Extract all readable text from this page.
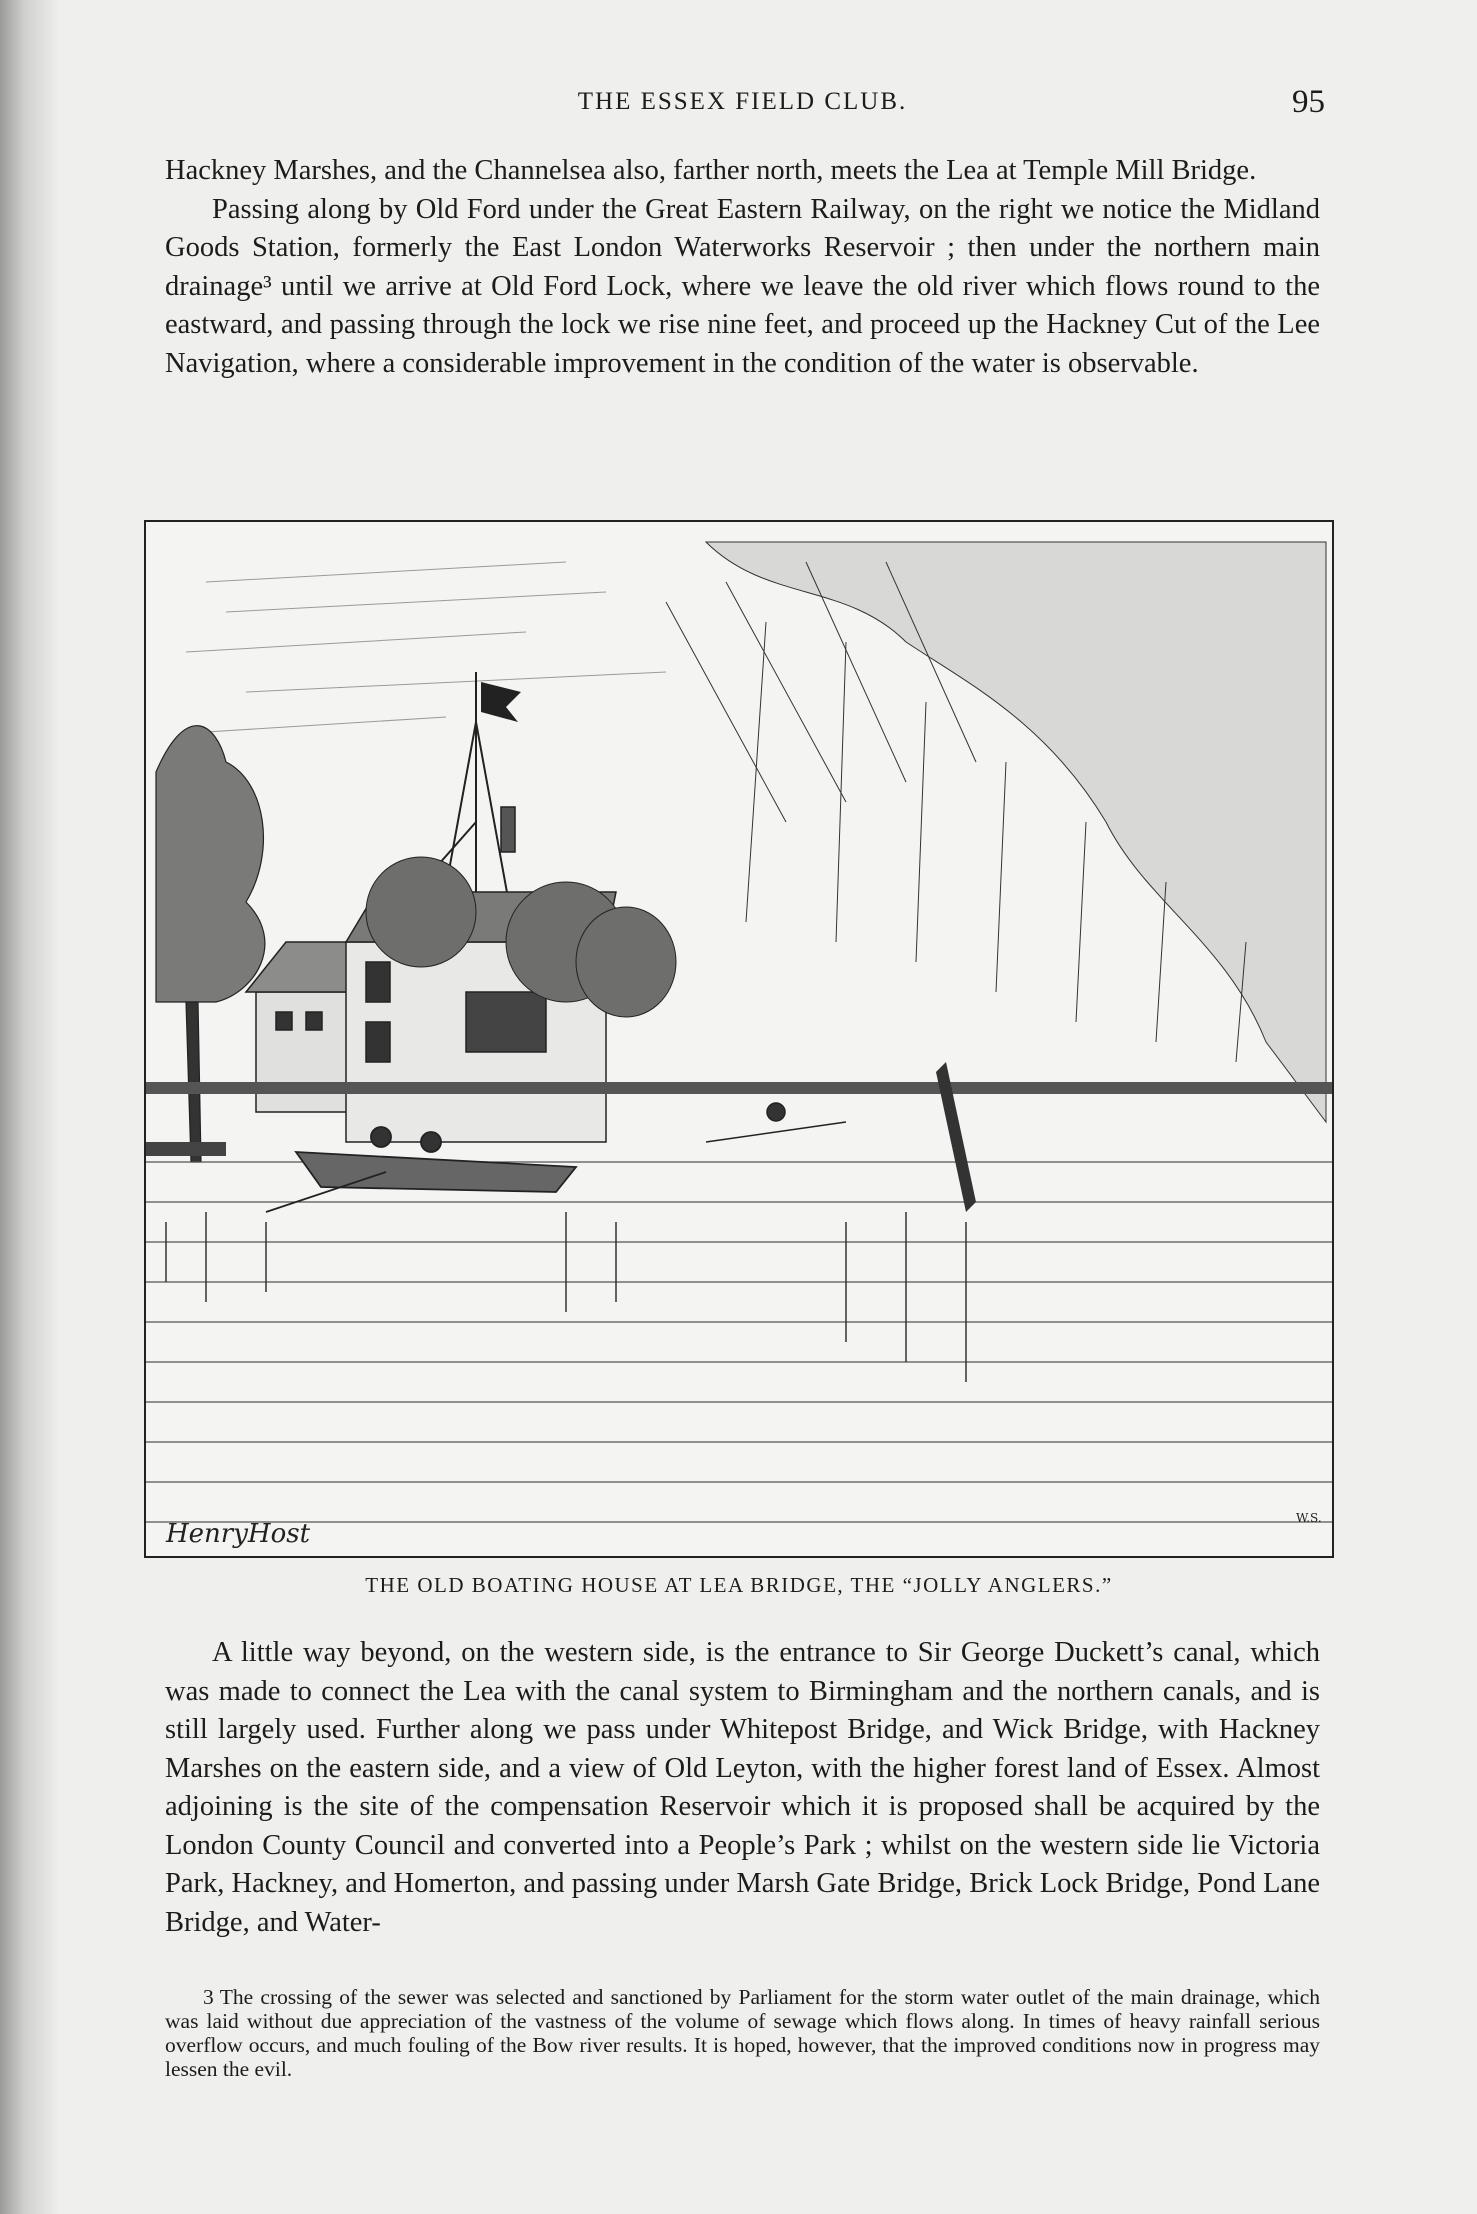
THE ESSEX FIELD CLUB.	95

Hackney Marshes, and the Channelsea also, farther north, meets the Lea at Temple Mill Bridge.

Passing along by Old Ford under the Great Eastern Railway, on the right we notice the Midland Goods Station, formerly the East London Waterworks Reservoir ; then under the northern main drainage³ until we arrive at Old Ford Lock, where we leave the old river which flows round to the eastward, and passing through the lock we rise nine feet, and proceed up the Hackney Cut of the Lee Navigation, where a considerable improvement in the condition of the water is observable.

HenryHost
W.S.
THE OLD BOATING HOUSE AT LEA BRIDGE, THE “JOLLY ANGLERS.”

A little way beyond, on the western side, is the entrance to Sir George Duckett’s canal, which was made to connect the Lea with the canal system to Birmingham and the northern canals, and is still largely used. Further along we pass under Whitepost Bridge, and Wick Bridge, with Hackney Marshes on the eastern side, and a view of Old Leyton, with the higher forest land of Essex. Almost adjoining is the site of the compensation Reservoir which it is proposed shall be acquired by the London County Council and converted into a People’s Park ; whilst on the western side lie Victoria Park, Hackney, and Homerton, and passing under Marsh Gate Bridge, Brick Lock Bridge, Pond Lane Bridge, and Water-

3 The crossing of the sewer was selected and sanctioned by Parliament for the storm water outlet of the main drainage, which was laid without due appreciation of the vastness of the volume of sewage which flows along. In times of heavy rainfall serious overflow occurs, and much fouling of the Bow river results. It is hoped, however, that the improved conditions now in progress may lessen the evil.
